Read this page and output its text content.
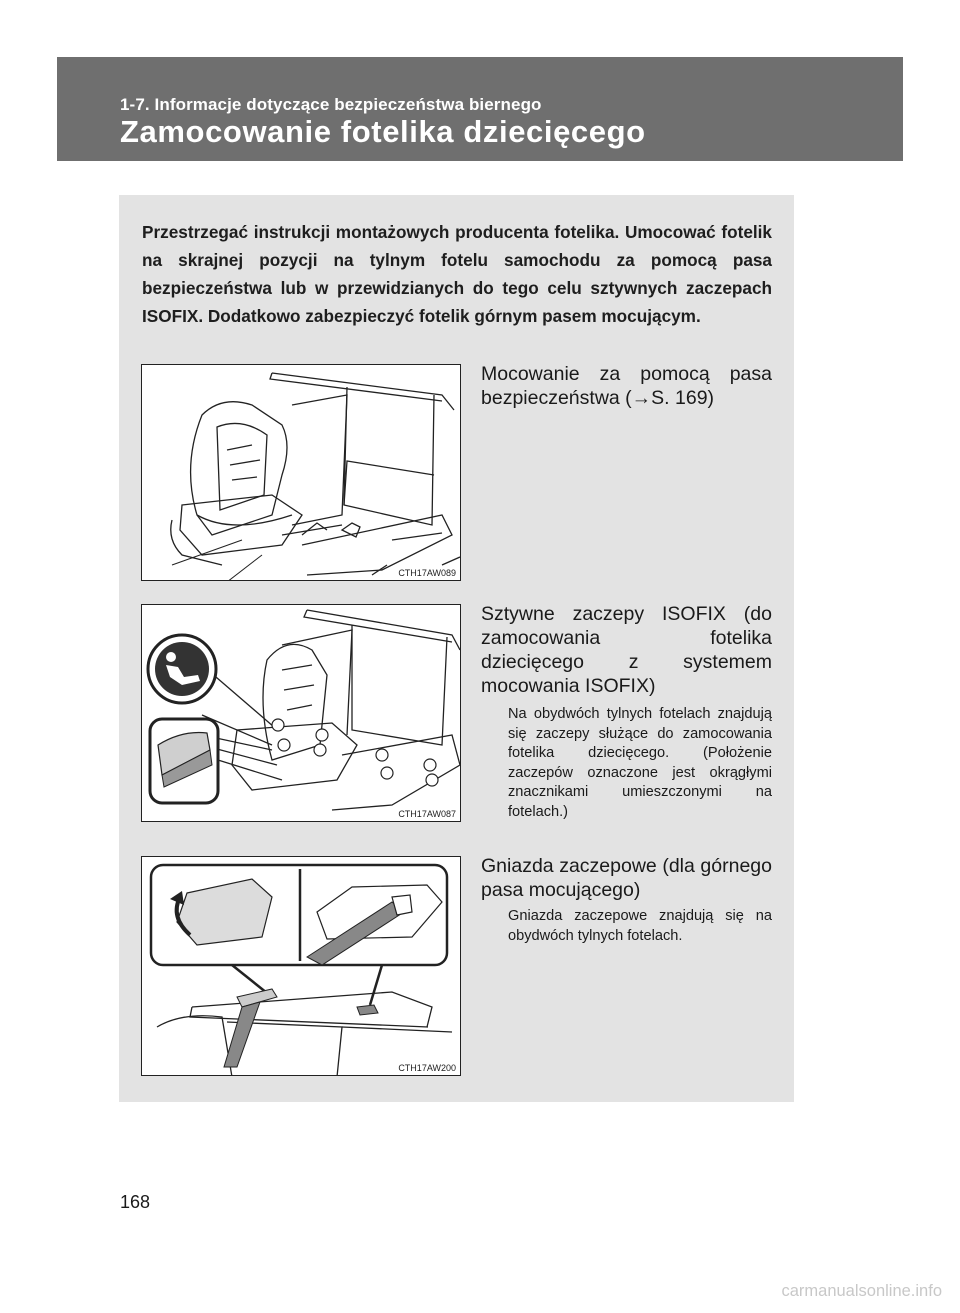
1-7. Informacje dotyczące bezpieczeństwa biernego
Zamocowanie fotelika dziecięcego
Przestrzegać instrukcji montażowych producenta fotelika. Umocować fotelik na skrajnej pozycji na tylnym fotelu samochodu za pomocą pasa bezpieczeństwa lub w przewidzianych do tego celu sztywnych zaczepach ISOFIX. Dodatkowo zabezpieczyć fotelik górnym pasem mocującym.
CTH17AW089
Mocowanie za pomocą pasa bezpieczeństwa (→S. 169)
CTH17AW087
Sztywne zaczepy ISOFIX (do zamocowania fotelika dziecięcego z systemem mocowania ISOFIX)
Na obydwóch tylnych fotelach znajdują się zaczepy służące do zamocowania fotelika dziecięcego. (Położenie zaczepów oznaczone jest okrągłymi znacznikami umieszczonymi na fotelach.)
CTH17AW200
Gniazda zaczepowe (dla górnego pasa mocującego)
Gniazda zaczepowe znajdują się na obydwóch tylnych fotelach.
168
carmanualsonline.info
